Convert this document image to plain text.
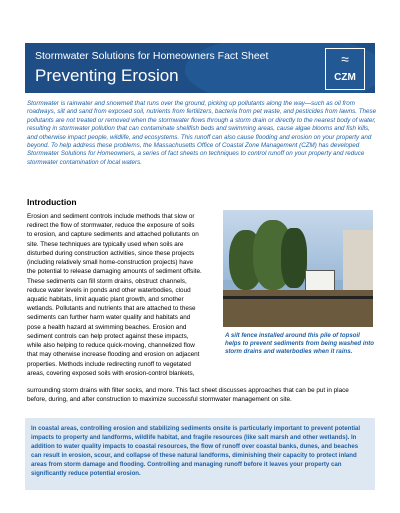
Stormwater Solutions for Homeowners Fact Sheet
Preventing Erosion
≈
CZM

Stormwater is rainwater and snowmelt that runs over the ground, picking up pollutants along the way—such as oil from roadways, silt and sand from exposed soil, nutrients from fertilizers, bacteria from pet waste, and pesticides from lawns. These pollutants are not treated or removed when the stormwater flows through a storm drain or directly to the nearest body of water, resulting in stormwater pollution that can contaminate shellfish beds and swimming areas, cause algae blooms and fish kills, and otherwise impact people, wildlife, and ecosystems. This runoff can also cause flooding and erosion on your property and beyond. To help address these problems, the Massachusetts Office of Coastal Zone Management (CZM) has developed Stormwater Solutions for Homeowners, a series of fact sheets on techniques to control runoff on your property and reduce stormwater contamination of local waters.

Introduction
Erosion and sediment controls include methods that slow or
redirect the flow of stormwater, reduce the exposure of soils
to erosion, and capture sediments and attached pollutants on
site. These techniques are typically used when soils are
disturbed during construction activities, since these projects
(including relatively small home-construction projects) have
the potential to release damaging amounts of sediment offsite.
These sediments can fill storm drains, obstruct channels,
reduce water levels in ponds and other waterbodies, cloud
aquatic habitats, limit aquatic plant growth, and smother
wetlands. Pollutants and nutrients that are attached to these
sediments can further harm water quality and habitats and
pose a health hazard at swimming beaches. Erosion and
sediment controls can help protect against these impacts,
while also helping to reduce quick-moving, channelized flow
that may otherwise increase flooding and erosion on adjacent
properties. Methods include redirecting runoff to vegetated
areas, covering exposed soils with erosion-control blankets,

A silt fence installed around this pile of topsoil helps to prevent sediments from being washed into storm drains and waterbodies when it rains.

surrounding storm drains with filter socks, and more. This fact sheet discusses approaches that can be put in place
before, during, and after construction to maximize successful stormwater management on site.

In coastal areas, controlling erosion and stabilizing sediments onsite is particularly important to prevent potential impacts to property and landforms, wildlife habitat, and fragile resources (like salt marsh and other wetlands). In addition to water quality impacts to coastal resources, the flow of runoff over coastal banks, dunes, and beaches can result in erosion, scour, and collapse of these natural landforms, diminishing their capacity to protect inland areas from storm damage and flooding. Controlling and managing runoff before it leaves your property can significantly reduce potential erosion.
